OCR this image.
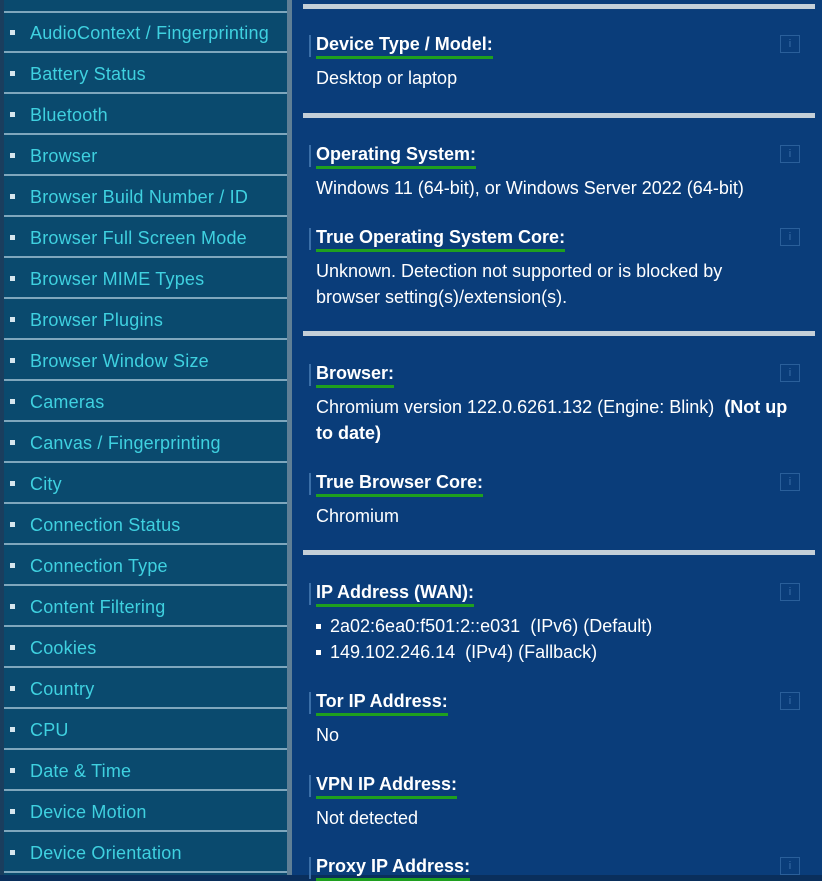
AudioContext / Fingerprinting
Battery Status
Bluetooth
Browser
Browser Build Number / ID
Browser Full Screen Mode
Browser MIME Types
Browser Plugins
Browser Window Size
Cameras
Canvas / Fingerprinting
City
Connection Status
Connection Type
Content Filtering
Cookies
Country
CPU
Date & Time
Device Motion
Device Orientation
Device Type / Model:	i
Desktop or laptop
Operating System:	i
Windows 11 (64-bit), or Windows Server 2022 (64-bit)
True Operating System Core:	i
Unknown. Detection not supported or is blocked by browser setting(s)/extension(s).
Browser:	i
Chromium version 122.0.6261.132 (Engine: Blink) (Not up to date)
True Browser Core:	i
Chromium
IP Address (WAN):	i
2a02:6ea0:f501:2::e031 (IPv6) (Default)
149.102.246.14 (IPv4) (Fallback)
Tor IP Address:	i
No
VPN IP Address:
Not detected
Proxy IP Address:	i
